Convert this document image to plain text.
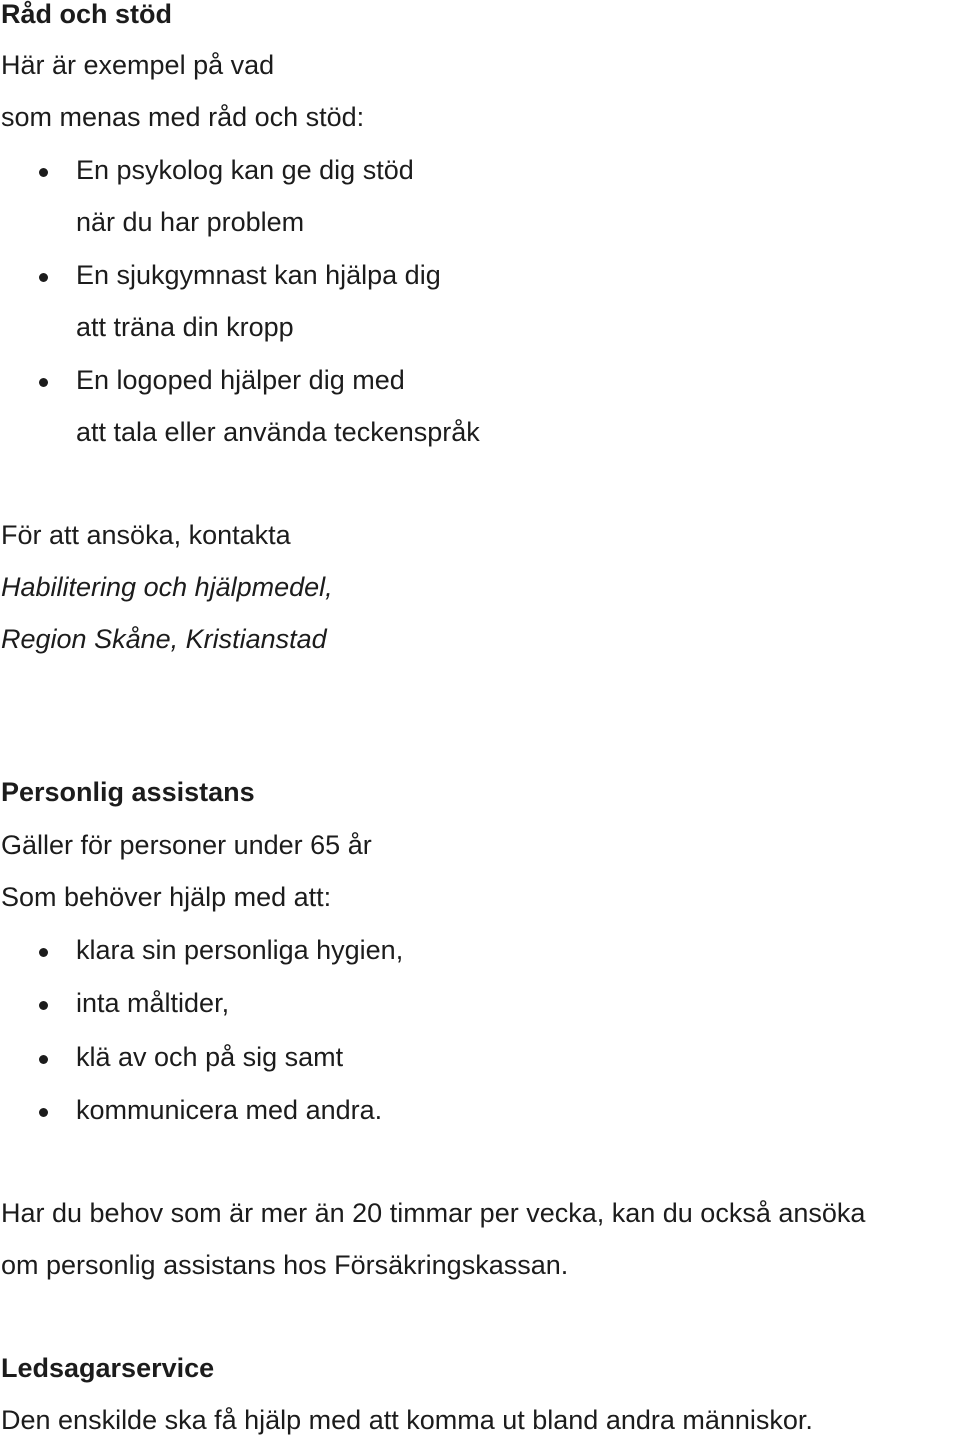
Råd och stöd
Här är exempel på vad
som menas med råd och stöd:
En psykolog kan ge dig stöd
när du har problem
En sjukgymnast kan hjälpa dig
att träna din kropp
En logoped hjälper dig med
att tala eller använda teckenspråk
För att ansöka, kontakta
Habilitering och hjälpmedel,
Region Skåne, Kristianstad
Personlig assistans
Gäller för personer under 65 år
Som behöver hjälp med att:
klara sin personliga hygien,
inta måltider,
klä av och på sig samt
kommunicera med andra.
Har du behov som är mer än 20 timmar per vecka, kan du också ansöka
om personlig assistans hos Försäkringskassan.
Ledsagarservice
Den enskilde ska få hjälp med att komma ut bland andra människor.
